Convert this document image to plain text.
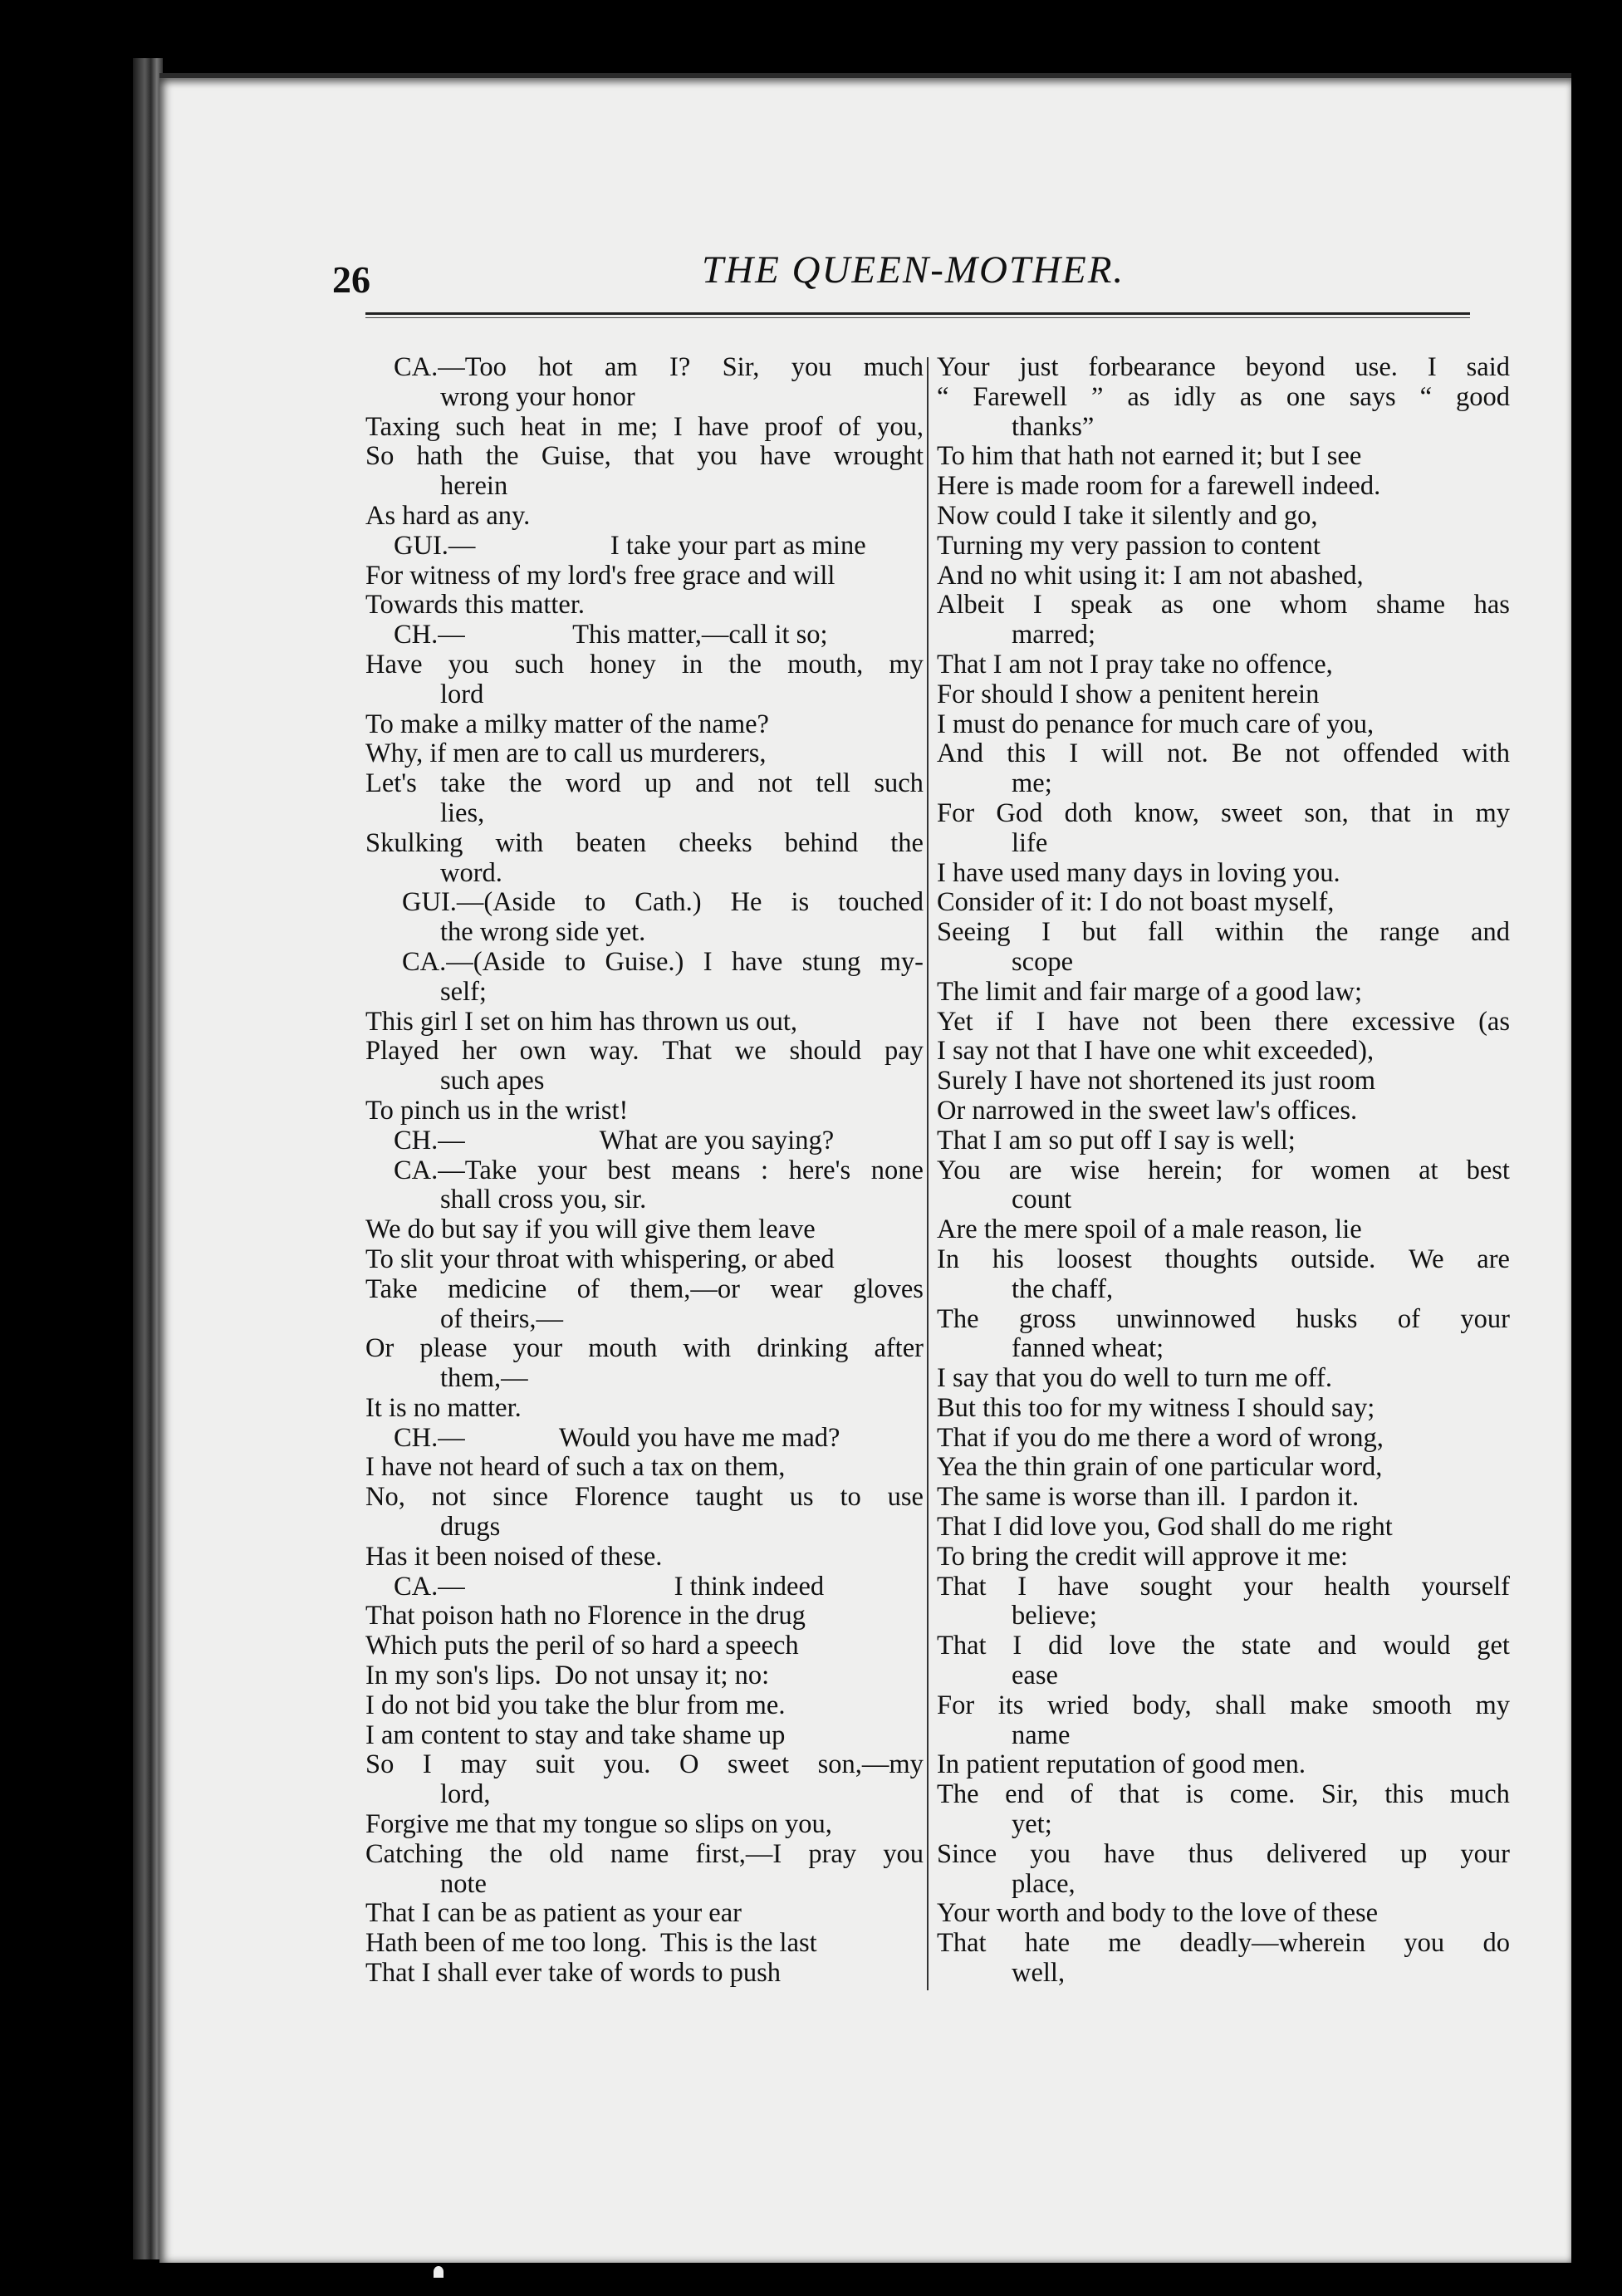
26	THE QUEEN-MOTHER.
CA.—Too hot am I? Sir, you much
wrong your honor
Taxing such heat in me; I have proof of you,
So hath the Guise, that you have wrought
herein
As hard as any.
GUI.—                    I take your part as mine
For witness of my lord's free grace and will
Towards this matter.
CH.—                This matter,—call it so;
Have you such honey in the mouth, my
lord
To make a milky matter of the name?
Why, if men are to call us murderers,
Let's take the word up and not tell such
lies,
Skulking with beaten cheeks behind the
word.
GUI.—(Aside to Cath.) He is touched
the wrong side yet.
CA.—(Aside to Guise.) I have stung my-
self;
This girl I set on him has thrown us out,
Played her own way. That we should pay
such apes
To pinch us in the wrist!
CH.—                    What are you saying?
CA.—Take your best means : here's none
shall cross you, sir.
We do but say if you will give them leave
To slit your throat with whispering, or abed
Take medicine of them,—or wear gloves
of theirs,—
Or please your mouth with drinking after
them,—
It is no matter.
CH.—              Would you have me mad?
I have not heard of such a tax on them,
No, not since Florence taught us to use
drugs
Has it been noised of these.
CA.—                               I think indeed
That poison hath no Florence in the drug
Which puts the peril of so hard a speech
In my son's lips.  Do not unsay it; no:
I do not bid you take the blur from me.
I am content to stay and take shame up
So I may suit you. O sweet son,—my
lord,
Forgive me that my tongue so slips on you,
Catching the old name first,—I pray you
note
That I can be as patient as your ear
Hath been of me too long.  This is the last
That I shall ever take of words to push
Your just forbearance beyond use. I said
“ Farewell ” as idly as one says “ good
thanks”
To him that hath not earned it; but I see
Here is made room for a farewell indeed.
Now could I take it silently and go,
Turning my very passion to content
And no whit using it: I am not abashed,
Albeit I speak as one whom shame has
marred;
That I am not I pray take no offence,
For should I show a penitent herein
I must do penance for much care of you,
And this I will not. Be not offended with
me;
For God doth know, sweet son, that in my
life
I have used many days in loving you.
Consider of it: I do not boast myself,
Seeing I but fall within the range and
scope
The limit and fair marge of a good law;
Yet if I have not been there excessive (as
I say not that I have one whit exceeded),
Surely I have not shortened its just room
Or narrowed in the sweet law's offices.
That I am so put off I say is well;
You are wise herein; for women at best
count
Are the mere spoil of a male reason, lie
In his loosest thoughts outside. We are
the chaff,
The gross unwinnowed husks of your
fanned wheat;
I say that you do well to turn me off.
But this too for my witness I should say;
That if you do me there a word of wrong,
Yea the thin grain of one particular word,
The same is worse than ill.  I pardon it.
That I did love you, God shall do me right
To bring the credit will approve it me:
That I have sought your health yourself
believe;
That I did love the state and would get
ease
For its wried body, shall make smooth my
name
In patient reputation of good men.
The end of that is come. Sir, this much
yet;
Since you have thus delivered up your
place,
Your worth and body to the love of these
That hate me deadly—wherein you do
well,
